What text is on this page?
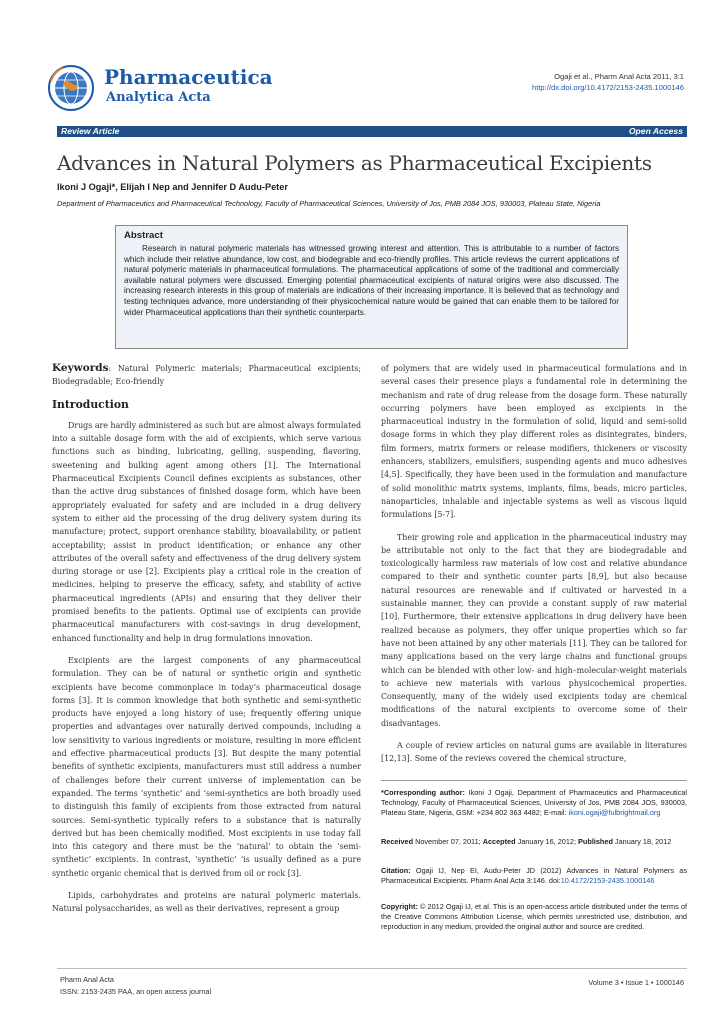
Pharmaceutica
Analytica Acta
Ogaji et al., Pharm Anal Acta 2011, 3:1
http://dx.doi.org/10.4172/2153-2435.1000146
Review Article	Open Access
Advances in Natural Polymers as Pharmaceutical Excipients
Ikoni J Ogaji*, Elijah I Nep and Jennifer D Audu-Peter
Department of Pharmaceutics and Pharmaceutical Technology, Faculty of Pharmaceutical Sciences, University of Jos, PMB 2084 JOS, 930003, Plateau State, Nigeria
Abstract

Research in natural polymeric materials has witnessed growing interest and attention. This is attributable to a number of factors which include their relative abundance, low cost, and biodegrable and eco-friendly profiles. This article reviews the current applications of natural polymeric materials in pharmaceutical formulations. The pharmaceutical applications of some of the traditional and commercially available natural polymers were discussed. Emerging potential pharmaceutical excipients of natural origins were also discussed. The increasing research interests in this group of materials are indications of their increasing importance. It is believed that as technology and testing techniques advance, more understanding of their physicochemical nature would be gained that can enable them to be tailored for wider Pharmaceutical applications than their synthetic counterparts.

Keywords: Natural Polymeric materials; Pharmaceutical excipients; Biodegradable; Eco-friendly

Introduction

Drugs are hardly administered as such but are almost always formulated into a suitable dosage form with the aid of excipients, which serve various functions such as binding, lubricating, gelling, suspending, flavoring, sweetening and bulking agent among others [1]. The International Pharmaceutical Excipients Council defines excipients as substances, other than the active drug substances of finished dosage form, which have been appropriately evaluated for safety and are included in a drug delivery system to either aid the processing of the drug delivery system during its manufacture; protect, support orenhance stability, bioavailability, or patient acceptability; assist in product identification; or enhance any other attributes of the overall safety and effectiveness of the drug delivery system during storage or use [2]. Excipients play a critical role in the creation of medicines, helping to preserve the efficacy, safety, and stability of active pharmaceutical ingredients (APIs) and ensuring that they deliver their promised benefits to the patients. Optimal use of excipients can provide pharmaceutical manufacturers with cost-savings in drug development, enhanced functionality and help in drug formulations innovation.

Excipients are the largest components of any pharmaceutical formulation. They can be of natural or synthetic origin and synthetic excipients have become commonplace in today’s pharmaceutical dosage forms [3]. It is common knowledge that both synthetic and semi-synthetic products have enjoyed a long history of use; frequently offering unique properties and advantages over naturally derived compounds, including a low sensitivity to various ingredients or moisture, resulting in more efficient and effective pharmaceutical products [3]. But despite the many potential benefits of synthetic excipients, manufacturers must still address a number of challenges before their current universe of implementation can be expanded. The terms ‘synthetic’ and ‘semi-synthetics are both broadly used to distinguish this family of excipients from those extracted from natural sources. Semi-synthetic typically refers to a substance that is naturally derived but has been chemically modified. Most excipients in use today fall into this category and there must be the ‘natural’ to obtain the ‘semi-synthetic’ excipients. In contrast, ‘synthetic’ ‘is usually defined as a pure synthetic organic chemical that is derived from oil or rock [3].

Lipids, carbohydrates and proteins are natural polymeric materials. Natural polysaccharides, as well as their derivatives, represent a group

of polymers that are widely used in pharmaceutical formulations and in several cases their presence plays a fundamental role in determining the mechanism and rate of drug release from the dosage form. These naturally occurring polymers have been employed as excipients in the pharmaceutical industry in the formulation of solid, liquid and semi-solid dosage forms in which they play different roles as disintegrates, binders, film formers, matrix formers or release modifiers, thickeners or viscosity enhancers, stabilizers, emulsifiers, suspending agents and muco adhesives [4,5]. Specifically, they have been used in the formulation and manufacture of solid monolithic matrix systems, implants, films, beads, micro particles, nanoparticles, inhalable and injectable systems as well as viscous liquid formulations [5-7].

Their growing role and application in the pharmaceutical industry may be attributable not only to the fact that they are biodegradable and toxicologically harmless raw materials of low cost and relative abundance compared to their and synthetic counter parts [8,9], but also because natural resources are renewable and if cultivated or harvested in a sustainable manner, they can provide a constant supply of raw material [10]. Furthermore, their extensive applications in drug delivery have been realized because as polymers, they offer unique properties which so far have not been attained by any other materials [11]. They can be tailored for many applications based on the very large chains and functional groups which can be blended with other low- and high–molecular-weight materials to achieve new materials with various physicochemical properties. Consequently, many of the widely used excipients today are chemical modifications of the natural excipients to overcome some of their disadvantages.

A couple of review articles on natural gums are available in literatures [12,13]. Some of the reviews covered the chemical structure,

*Corresponding author: Ikoni J Ogaji, Department of Pharmaceutics and Pharmaceutical Technology, Faculty of Pharmaceutical Sciences, University of Jos, PMB 2084 JOS, 930003, Plateau State, Nigeria, GSM: +234 802 363 4482; E-mail: ikoni.ogaji@fulbrightmail.org
Received November 07, 2011; Accepted January 16, 2012; Published January 18, 2012
Citation: Ogaji IJ, Nep EI, Audu-Peter JD (2012) Advances in Natural Polymers as Pharmaceutical Excipients. Pharm Anal Acta 3:146. doi:10.4172/2153-2435.1000146
Copyright: © 2012 Ogaji IJ, et al. This is an open-access article distributed under the terms of the Creative Commons Attribution License, which permits unrestricted use, distribution, and reproduction in any medium, provided the original author and source are credited.
Pharm Anal Acta
ISSN: 2153-2435 PAA, an open access journal
Volume 3 • Issue 1 • 1000146
